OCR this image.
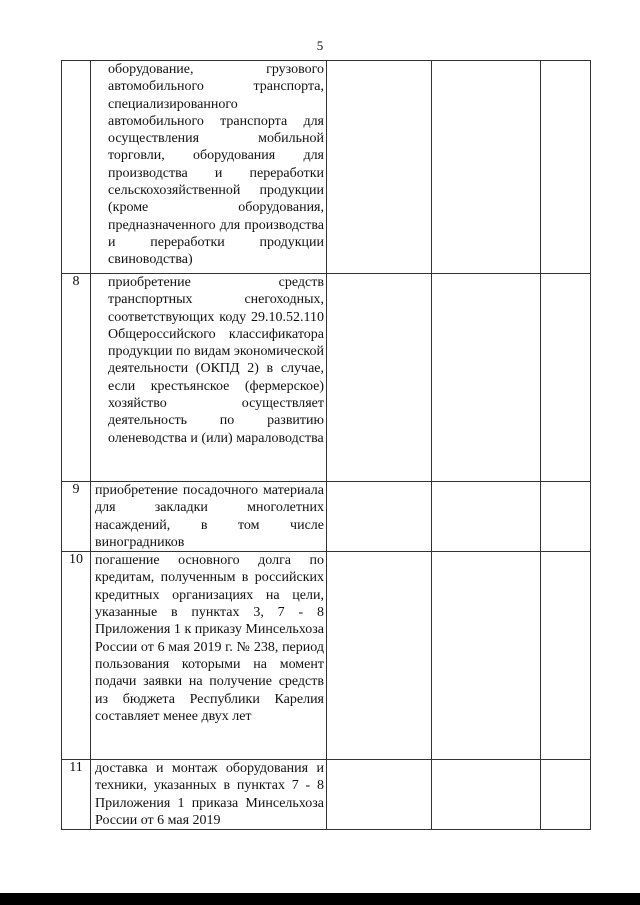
5

	оборудование, грузового автомобильного транспорта, специализированного автомобильного транспорта для осуществления мобильной торговли, оборудования для производства и переработки сельскохозяйственной продукции (кроме оборудования, предназначенного для производства и переработки продукции свиноводства)			

8	приобретение средств транспортных снегоходных, соответствующих коду 29.10.52.110 Общероссийского классификатора продукции по видам экономической деятельности (ОКПД 2) в случае, если крестьянское (фермерское) хозяйство осуществляет деятельность по развитию оленеводства и (или) мараловодства			

9	приобретение посадочного материала для закладки многолетних насаждений, в том числе виноградников			

10	погашение основного долга по кредитам, полученным в российских кредитных организациях на цели, указанные в пунктах 3, 7 - 8 Приложения 1 к приказу Минсельхоза России от 6 мая 2019 г. № 238, период пользования которыми на момент подачи заявки на получение средств из бюджета Республики Карелия составляет менее двух лет			

11	доставка и монтаж оборудования и техники, указанных в пунктах 7 - 8 Приложения 1 приказа Минсельхоза России от 6 мая 2019			
